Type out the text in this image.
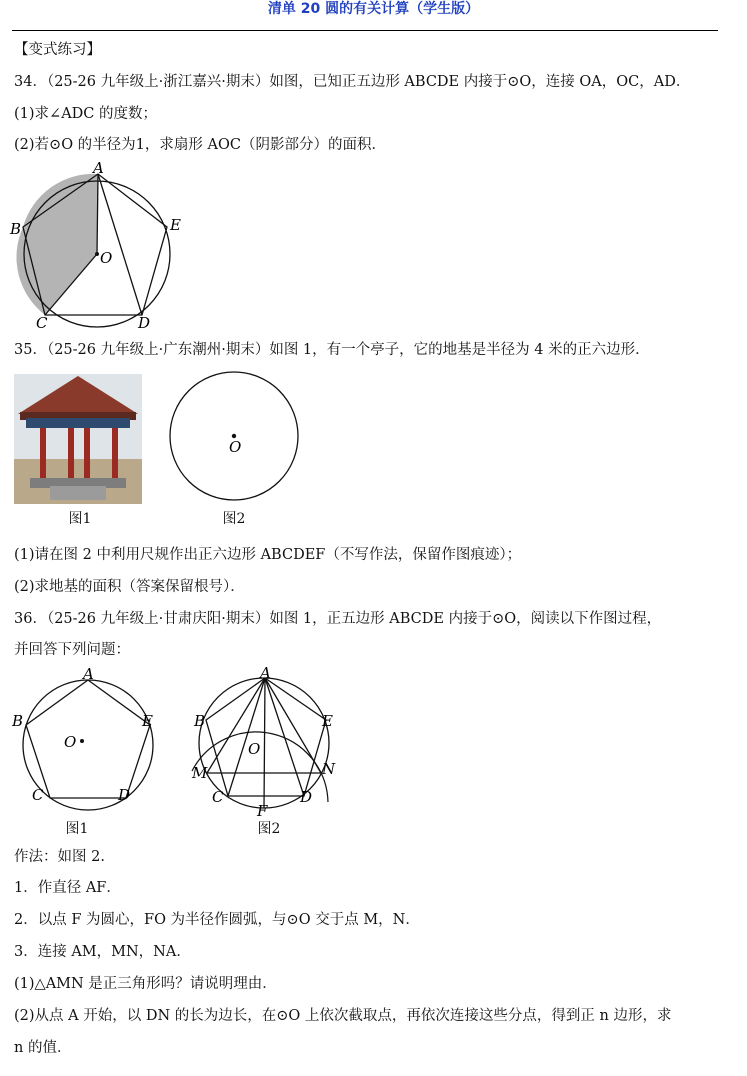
清单 20 圆的有关计算（学生版）
【变式练习】
34．（25-26 九年级上·浙江嘉兴·期末）如图，已知正五边形 ABCDE 内接于⊙O，连接 OA，OC，AD．
(1)求∠ADC 的度数；
(2)若⊙O 的半径为1，求扇形 AOC（阴影部分）的面积．
A
B
C	D
E
O
35．（25-26 九年级上·广东潮州·期末）如图 1，有一个亭子，它的地基是半径为 4 米的正六边形．
O
图1	图2
(1)请在图 2 中利用尺规作出正六边形 ABCDEF（不写作法，保留作图痕迹）；
(2)求地基的面积（答案保留根号）．
36．（25-26 九年级上·甘肃庆阳·期末）如图 1，正五边形 ABCDE 内接于⊙O，阅读以下作图过程，
并回答下列问题：
A
B
C	D
E
O
A
B
C	D
E
O
M	N
F
图1	图2
作法：如图 2.
1．作直径 AF．
2．以点 F 为圆心，FO 为半径作圆弧，与⊙O 交于点 M，N．
3．连接 AM，MN，NA．
(1)△AMN 是正三角形吗？请说明理由．
(2)从点 A 开始，以 DN 的长为边长，在⊙O 上依次截取点，再依次连接这些分点，得到正 n 边形，求
n 的值．
